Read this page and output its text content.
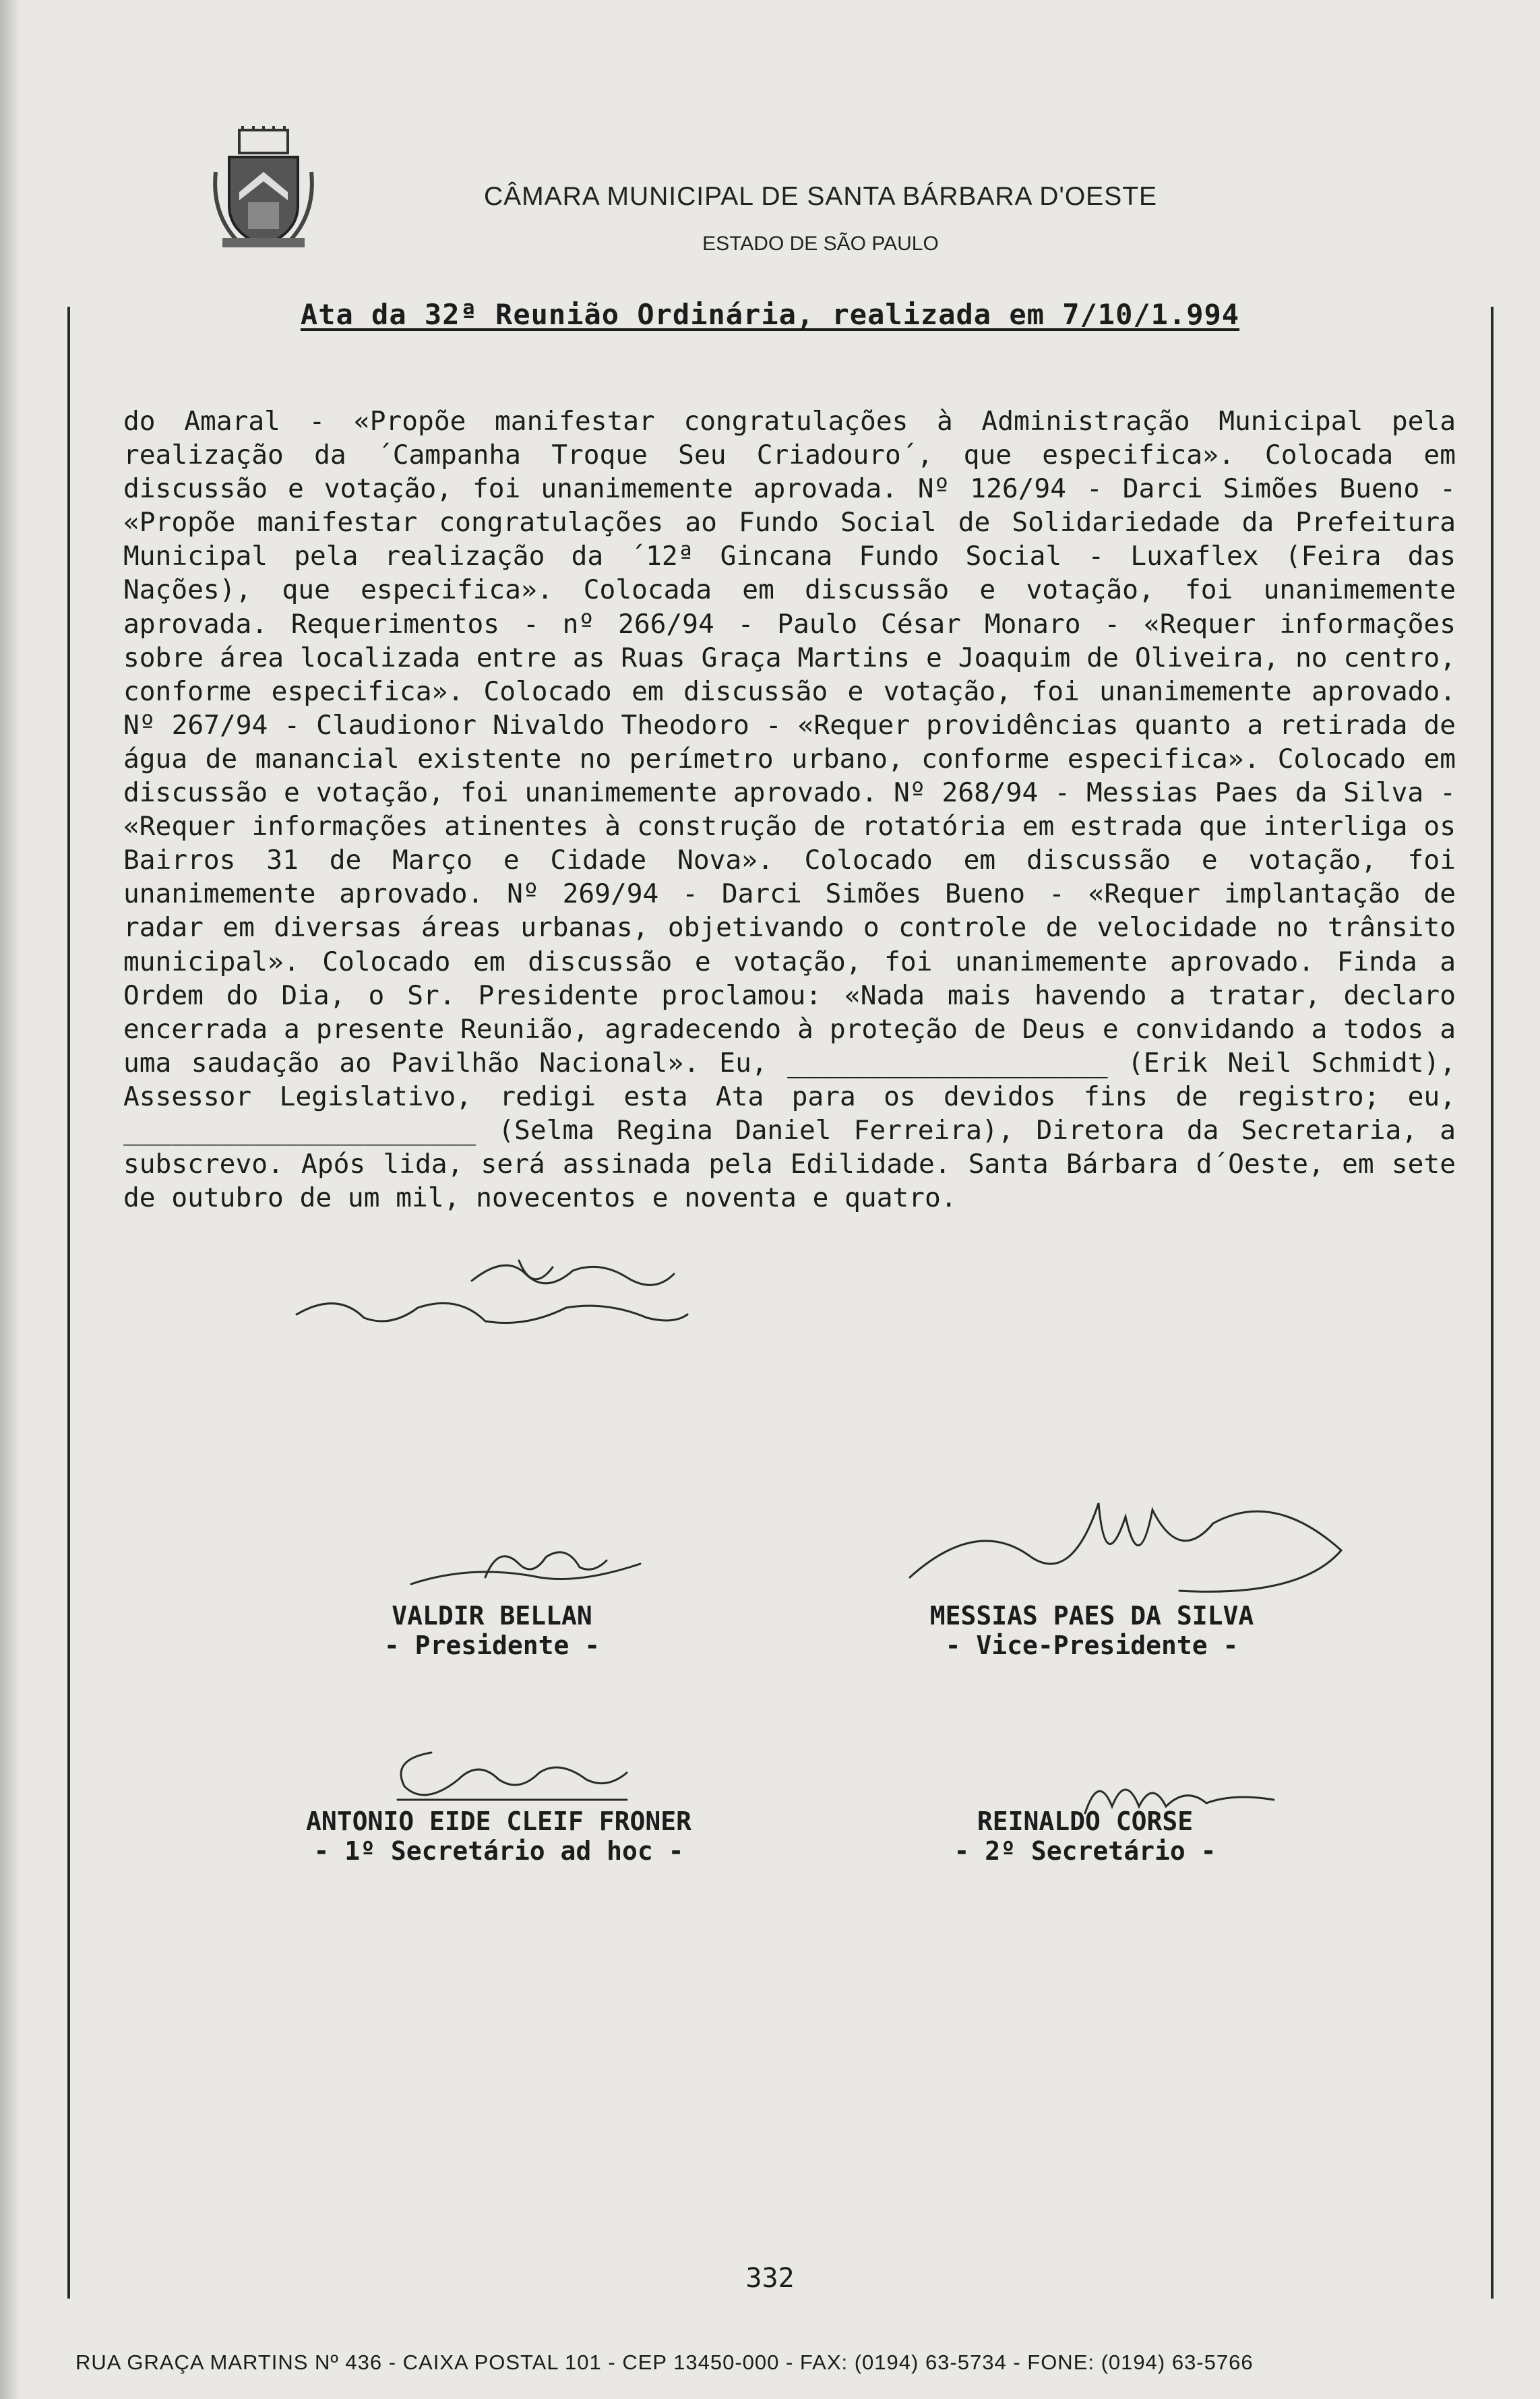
CÂMARA MUNICIPAL DE SANTA BÁRBARA D'OESTE
ESTADO DE SÃO PAULO
Ata da 32ª Reunião Ordinária, realizada em 7/10/1.994
do Amaral - «Propõe manifestar congratulações à Administração Municipal pela realização da ´Campanha Troque Seu Criadouro´, que especifica». Colocada em discussão e votação, foi unanimemente aprovada. Nº 126/94 - Darci Simões Bueno - «Propõe manifestar congratulações ao Fundo Social de Solidariedade da Prefeitura Municipal pela realização da ´12ª Gincana Fundo Social - Luxaflex (Feira das Nações), que especifica». Colocada em discussão e votação, foi unanimemente aprovada. Requerimentos - nº 266/94 - Paulo César Monaro - «Requer informações sobre área localizada entre as Ruas Graça Martins e Joaquim de Oliveira, no centro, conforme especifica». Colocado em discussão e votação, foi unanimemente aprovado. Nº 267/94 - Claudionor Nivaldo Theodoro - «Requer providências quanto a retirada de água de manancial existente no perímetro urbano, conforme especifica». Colocado em discussão e votação, foi unanimemente aprovado. Nº 268/94 - Messias Paes da Silva - «Requer informações atinentes à construção de rotatória em estrada que interliga os Bairros 31 de Março e Cidade Nova». Colocado em discussão e votação, foi unanimemente aprovado. Nº 269/94 - Darci Simões Bueno - «Requer implantação de radar em diversas áreas urbanas, objetivando o controle de velocidade no trânsito municipal». Colocado em discussão e votação, foi unanimemente aprovado. Finda a Ordem do Dia, o Sr. Presidente proclamou: «Nada mais havendo a tratar, declaro encerrada a presente Reunião, agradecendo à proteção de Deus e convidando a todos a uma saudação ao Pavilhão Nacional». Eu, ____________________ (Erik Neil Schmidt), Assessor Legislativo, redigi esta Ata para os devidos fins de registro; eu, ______________________ (Selma Regina Daniel Ferreira), Diretora da Secretaria, a subscrevo. Após lida, será assinada pela Edilidade. Santa Bárbara d´Oeste, em sete de outubro de um mil, novecentos e noventa e quatro.
VALDIR BELLAN
- Presidente -
MESSIAS PAES DA SILVA
- Vice-Presidente -
ANTONIO EIDE CLEIF FRONER
- 1º Secretário ad hoc -
REINALDO CORSE
- 2º Secretário -
332
RUA GRAÇA MARTINS Nº 436 - CAIXA POSTAL 101 - CEP 13450-000 - FAX: (0194) 63-5734 - FONE: (0194) 63-5766
